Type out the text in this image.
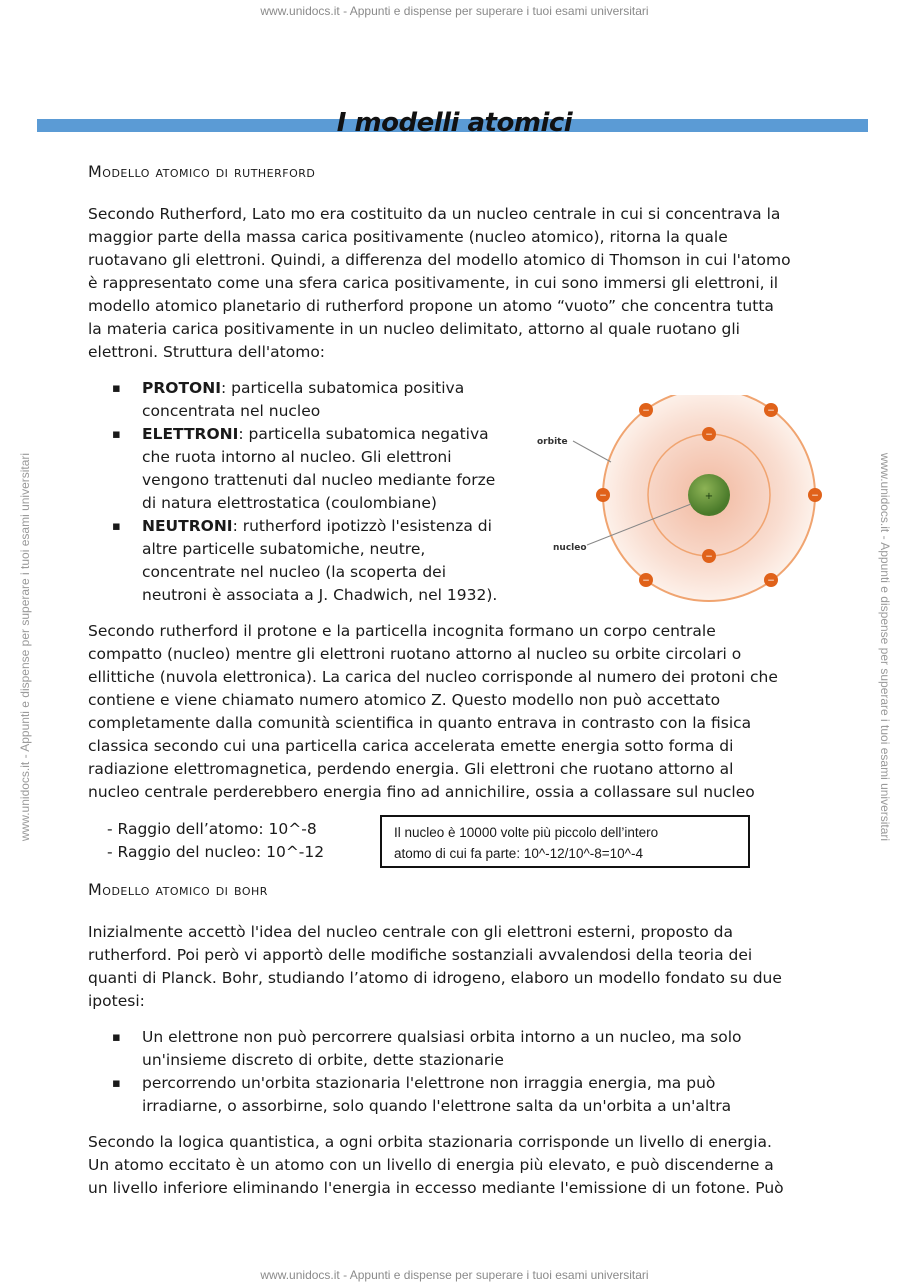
www.unidocs.it - Appunti e dispense per superare i tuoi esami universitari
www.unidocs.it - Appunti e dispense per superare i tuoi esami universitari	www.unidocs.it - Appunti e dispense per superare i tuoi esami universitari
I modelli atomici
Modello atomico di rutherford
Secondo Rutherford, Lato mo era costituito da un nucleo centrale in cui si concentrava la
maggior parte della massa carica positivamente (nucleo atomico), ritorna la quale
ruotavano gli elettroni. Quindi, a differenza del modello atomico di Thomson in cui l'atomo
è rappresentato come una sfera carica positivamente, in cui sono immersi gli elettroni, il
modello atomico planetario di rutherford propone un atomo “vuoto” che concentra tutta
la materia carica positivamente in un nucleo delimitato, attorno al quale ruotano gli
elettroni. Struttura dell'atomo:
▪ PROTONI: particella subatomica positiva
concentrata nel nucleo
▪ ELETTRONI: particella subatomica negativa
che ruota intorno al nucleo. Gli elettroni
vengono trattenuti dal nucleo mediante forze
di natura elettrostatica (coulombiane)
▪ NEUTRONI: rutherford ipotizzò l'esistenza di
altre particelle subatomiche, neutre,
concentrate nel nucleo (la scoperta dei
neutroni è associata a J. Chadwich, nel 1932).
+
orbite
nucleo
−
−
−	−
−	−
−	−
Secondo rutherford il protone e la particella incognita formano un corpo centrale
compatto (nucleo) mentre gli elettroni ruotano attorno al nucleo su orbite circolari o
ellittiche (nuvola elettronica). La carica del nucleo corrisponde al numero dei protoni che
contiene e viene chiamato numero atomico Z. Questo modello non può accettato
completamente dalla comunità scientifica in quanto entrava in contrasto con la fisica
classica secondo cui una particella carica accelerata emette energia sotto forma di
radiazione elettromagnetica, perdendo energia. Gli elettroni che ruotano attorno al
nucleo centrale perderebbero energia fino ad annichilire, ossia a collassare sul nucleo
- Raggio dell’atomo: 10^-8
- Raggio del nucleo: 10^-12
Il nucleo è 10000 volte più piccolo dell’intero
atomo di cui fa parte: 10^-12/10^-8=10^-4
Modello atomico di bohr
Inizialmente accettò l'idea del nucleo centrale con gli elettroni esterni, proposto da
rutherford. Poi però vi apportò delle modifiche sostanziali avvalendosi della teoria dei
quanti di Planck. Bohr, studiando l’atomo di idrogeno, elaboro un modello fondato su due
ipotesi:
▪ Un elettrone non può percorrere qualsiasi orbita intorno a un nucleo, ma solo
un'insieme discreto di orbite, dette stazionarie
▪ percorrendo un'orbita stazionaria l'elettrone non irraggia energia, ma può
irradiarne, o assorbirne, solo quando l'elettrone salta da un'orbita a un'altra
Secondo la logica quantistica, a ogni orbita stazionaria corrisponde un livello di energia.
Un atomo eccitato è un atomo con un livello di energia più elevato, e può discenderne a
un livello inferiore eliminando l'energia in eccesso mediante l'emissione di un fotone. Può
www.unidocs.it - Appunti e dispense per superare i tuoi esami universitari
